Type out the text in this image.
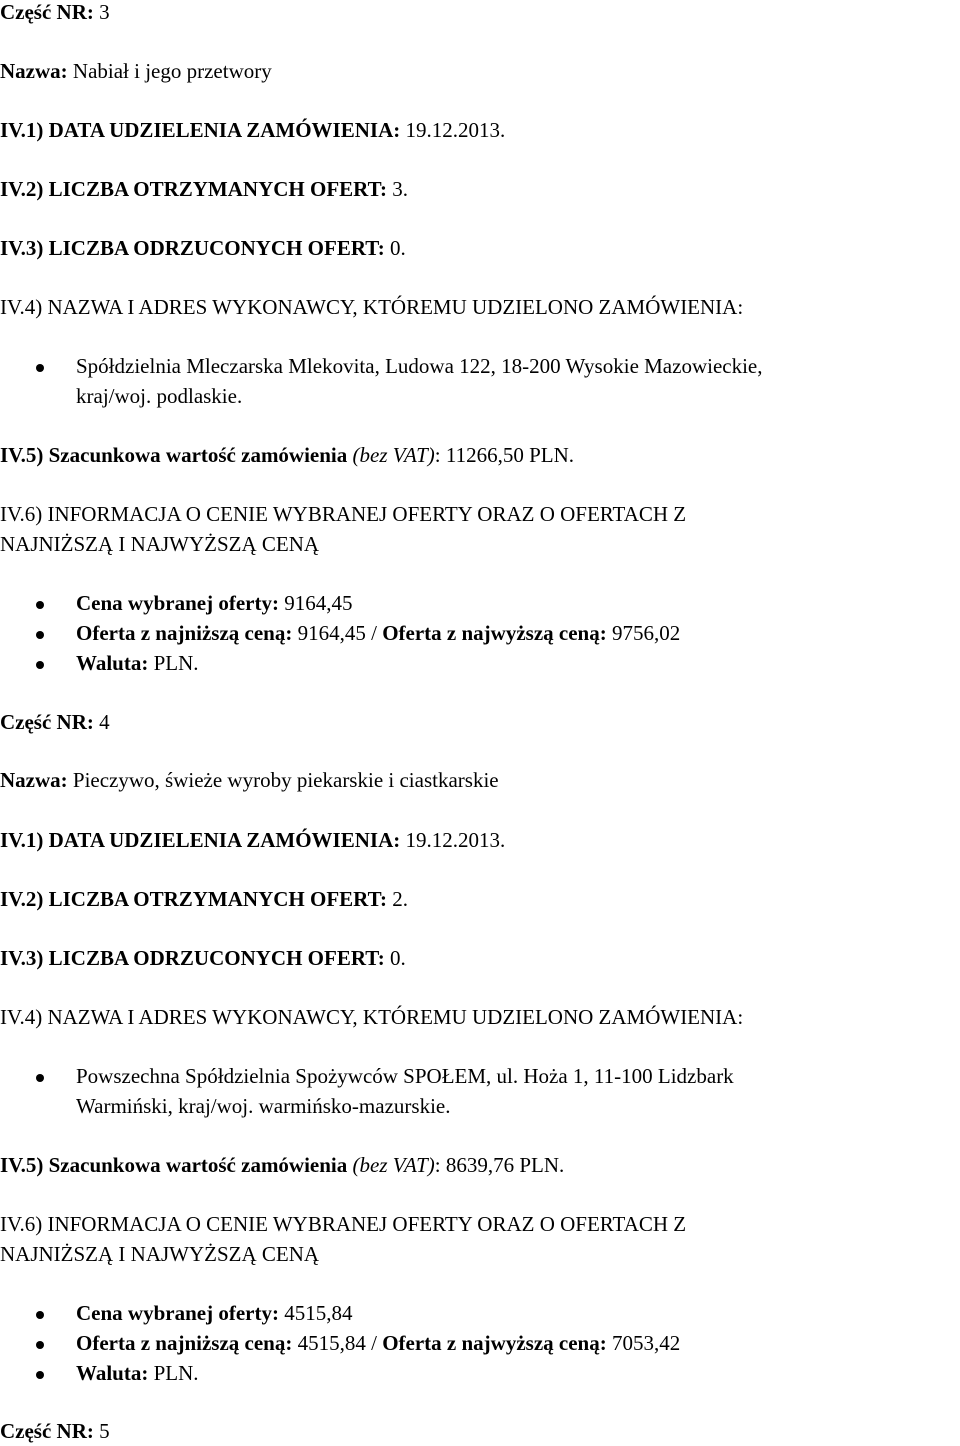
Część NR: 3
Nazwa: Nabiał i jego przetwory
IV.1) DATA UDZIELENIA ZAMÓWIENIA: 19.12.2013.
IV.2) LICZBA OTRZYMANYCH OFERT: 3.
IV.3) LICZBA ODRZUCONYCH OFERT: 0.
IV.4) NAZWA I ADRES WYKONAWCY, KTÓREMU UDZIELONO ZAMÓWIENIA:
Spółdzielnia Mleczarska Mlekovita, Ludowa 122, 18-200 Wysokie Mazowieckie,
kraj/woj. podlaskie.
IV.5) Szacunkowa wartość zamówienia (bez VAT): 11266,50 PLN.
IV.6) INFORMACJA O CENIE WYBRANEJ OFERTY ORAZ O OFERTACH Z
NAJNIŻSZĄ I NAJWYŻSZĄ CENĄ
Cena wybranej oferty: 9164,45
Oferta z najniższą ceną: 9164,45 / Oferta z najwyższą ceną: 9756,02
Waluta: PLN.
Część NR: 4
Nazwa: Pieczywo, świeże wyroby piekarskie i ciastkarskie
IV.1) DATA UDZIELENIA ZAMÓWIENIA: 19.12.2013.
IV.2) LICZBA OTRZYMANYCH OFERT: 2.
IV.3) LICZBA ODRZUCONYCH OFERT: 0.
IV.4) NAZWA I ADRES WYKONAWCY, KTÓREMU UDZIELONO ZAMÓWIENIA:
Powszechna Spółdzielnia Spożywców SPOŁEM, ul. Hoża 1, 11-100 Lidzbark
Warmiński, kraj/woj. warmińsko-mazurskie.
IV.5) Szacunkowa wartość zamówienia (bez VAT): 8639,76 PLN.
IV.6) INFORMACJA O CENIE WYBRANEJ OFERTY ORAZ O OFERTACH Z
NAJNIŻSZĄ I NAJWYŻSZĄ CENĄ
Cena wybranej oferty: 4515,84
Oferta z najniższą ceną: 4515,84 / Oferta z najwyższą ceną: 7053,42
Waluta: PLN.
Część NR: 5
